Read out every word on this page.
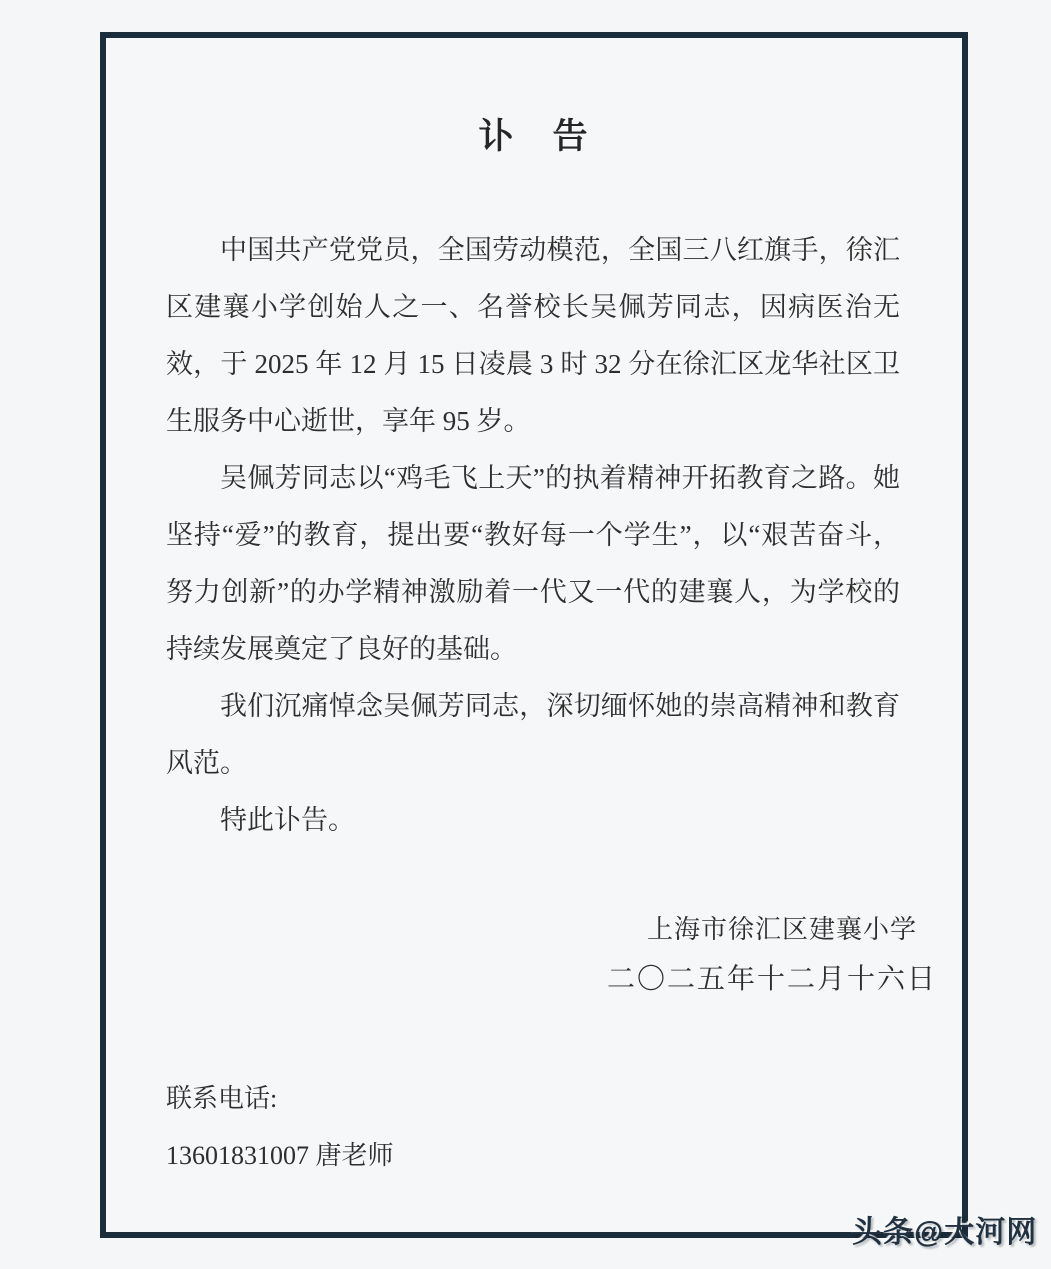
讣　告

中国共产党党员，全国劳动模范，全国三八红旗手，徐汇区建襄小学创始人之一、名誉校长吴佩芳同志，因病医治无效，于 2025 年 12 月 15 日凌晨 3 时 32 分在徐汇区龙华社区卫生服务中心逝世，享年 95 岁。

吴佩芳同志以“鸡毛飞上天”的执着精神开拓教育之路。她坚持“爱”的教育，提出要“教好每一个学生”，以“艰苦奋斗，努力创新”的办学精神激励着一代又一代的建襄人，为学校的持续发展奠定了良好的基础。

我们沉痛悼念吴佩芳同志，深切缅怀她的崇高精神和教育风范。

特此讣告。

上海市徐汇区建襄小学
二〇二五年十二月十六日
联系电话:
13601831007 唐老师
头条@大河网
